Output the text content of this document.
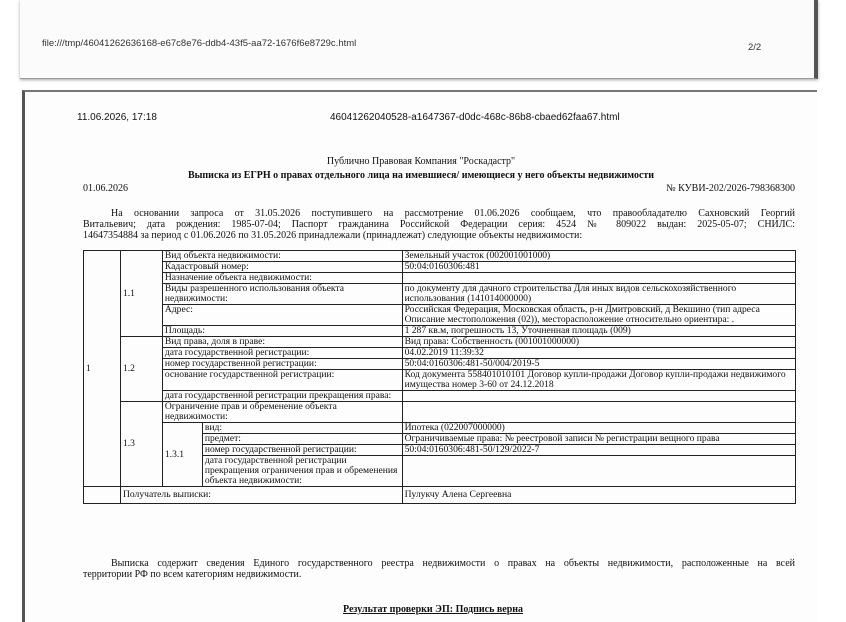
file:///tmp/46041262636168-e67c8e76-ddb4-43f5-aa72-1676f6e8729c.html	2/2
11.06.2026, 17:18	46041262040528-a1647367-d0dc-468c-86b8-cbaed62faa67.html
Публично Правовая Компания "Роскадастр"
Выписка из ЕГРН о правах отдельного лица на имевшиеся/ имеющиеся у него объекты недвижимости
01.06.2026	№ КУВИ-202/2026-798368300
На основании запроса от 31.05.2026 поступившего на рассмотрение 01.06.2026 сообщаем, что правообладателю Сахновский Георгий
Витальевич; дата рождения: 1985-07-04; Паспорт гражданина Российской Федерации серия: 4524 № 809022 выдан: 2025-05-07; СНИЛС:
14647354884 за период с 01.06.2026 по 31.05.2026 принадлежали (принадлежат) следующие объекты недвижимости:
1	1.1	Вид объекта недвижимости:		Земельный участок (002001001000)
		Кадастровый номер:		50:04:0160306:481
		Назначение объекта недвижимости:		
		Виды разрешенного использования объекта недвижимости:		по документу для дачного строительства Для иных видов сельскохозяйственного использования (141014000000)
		Адрес:		Российская Федерация, Московская область, р-н Дмитровский, д Векшино (тип адреса Описание местоположения (02)), месторасположение относительно ориентира: .
		Площадь:		1 287 кв.м, погрешность 13, Уточненная площадь (009)
	1.2	Вид права, доля в праве:		Вид права: Собственность (001001000000)
		дата государственной регистрации:		04.02.2019 11:39:32
		номер государственной регистрации:		50:04:0160306:481-50/004/2019-5
		основание государственной регистрации:		Код документа 558401010101 Договор купли-продажи Договор купли-продажи недвижимого имущества номер 3-60 от 24.12.2018
		дата государственной регистрации прекращения права:		
	1.3	Ограничение прав и обременение объекта недвижимости:		
		1.3.1	вид:	Ипотека (022007000000)
			предмет:	Ограничиваемые права: № реестровой записи № регистрации вещного права
			номер государственной регистрации:	50:04:0160306:481-50/129/2022-7
			дата государственной регистрации прекращения ограничения прав и обременения объекта недвижимости:	
	Получатель выписки:			Пулукчу Алена Сергеевна
Выписка содержит сведения Единого государственного реестра недвижимости о правах на объекты недвижимости, расположенные на всей
территории РФ по всем категориям недвижимости.
Результат проверки ЭП: Подпись верна
